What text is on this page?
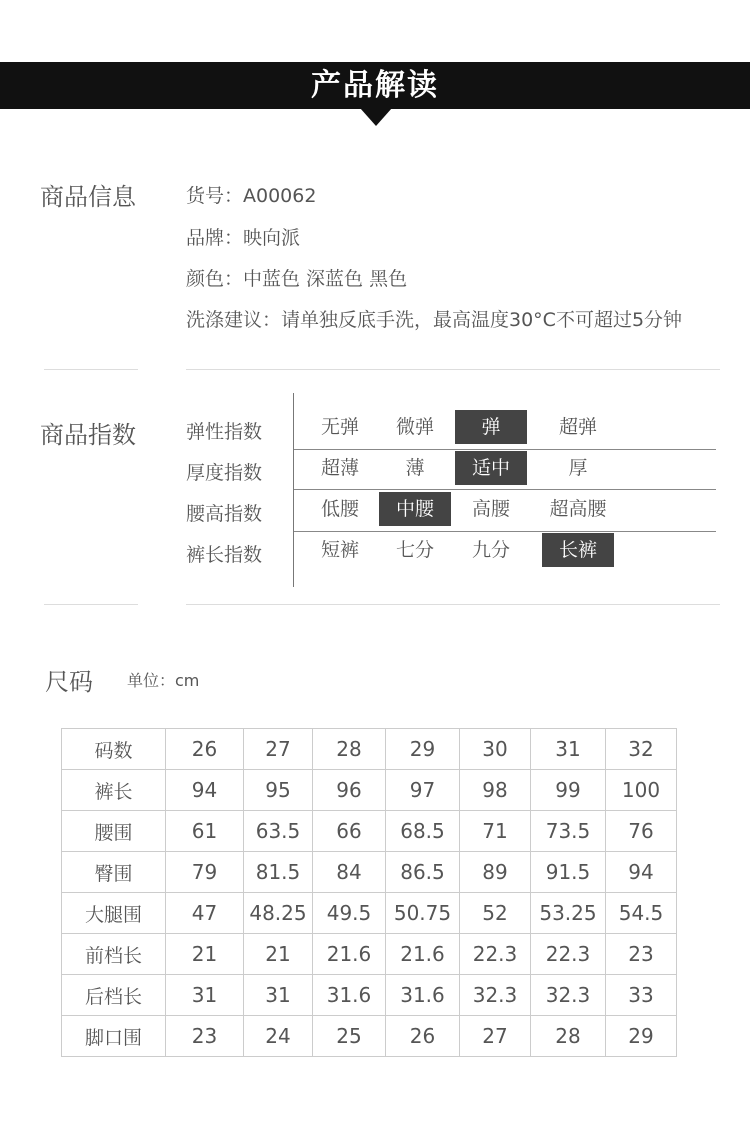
产品解读
商品信息	货号：A00062
品牌：映向派
颜色：中蓝色 深蓝色 黑色
洗涤建议：请单独反底手洗，最高温度30°C不可超过5分钟
商品指数	弹性指数	无弹	微弹	弹	超弹
厚度指数	超薄	薄	适中	厚
腰高指数	低腰	中腰	高腰	超高腰
裤长指数	短裤	七分	九分	长裤
尺码 单位：cm
码数	26	27	28	29	30	31	32
裤长	94	95	96	97	98	99	100
腰围	61	63.5	66	68.5	71	73.5	76
臀围	79	81.5	84	86.5	89	91.5	94
大腿围	47	48.25	49.5	50.75	52	53.25	54.5
前档长	21	21	21.6	21.6	22.3	22.3	23
后档长	31	31	31.6	31.6	32.3	32.3	33
脚口围	23	24	25	26	27	28	29
